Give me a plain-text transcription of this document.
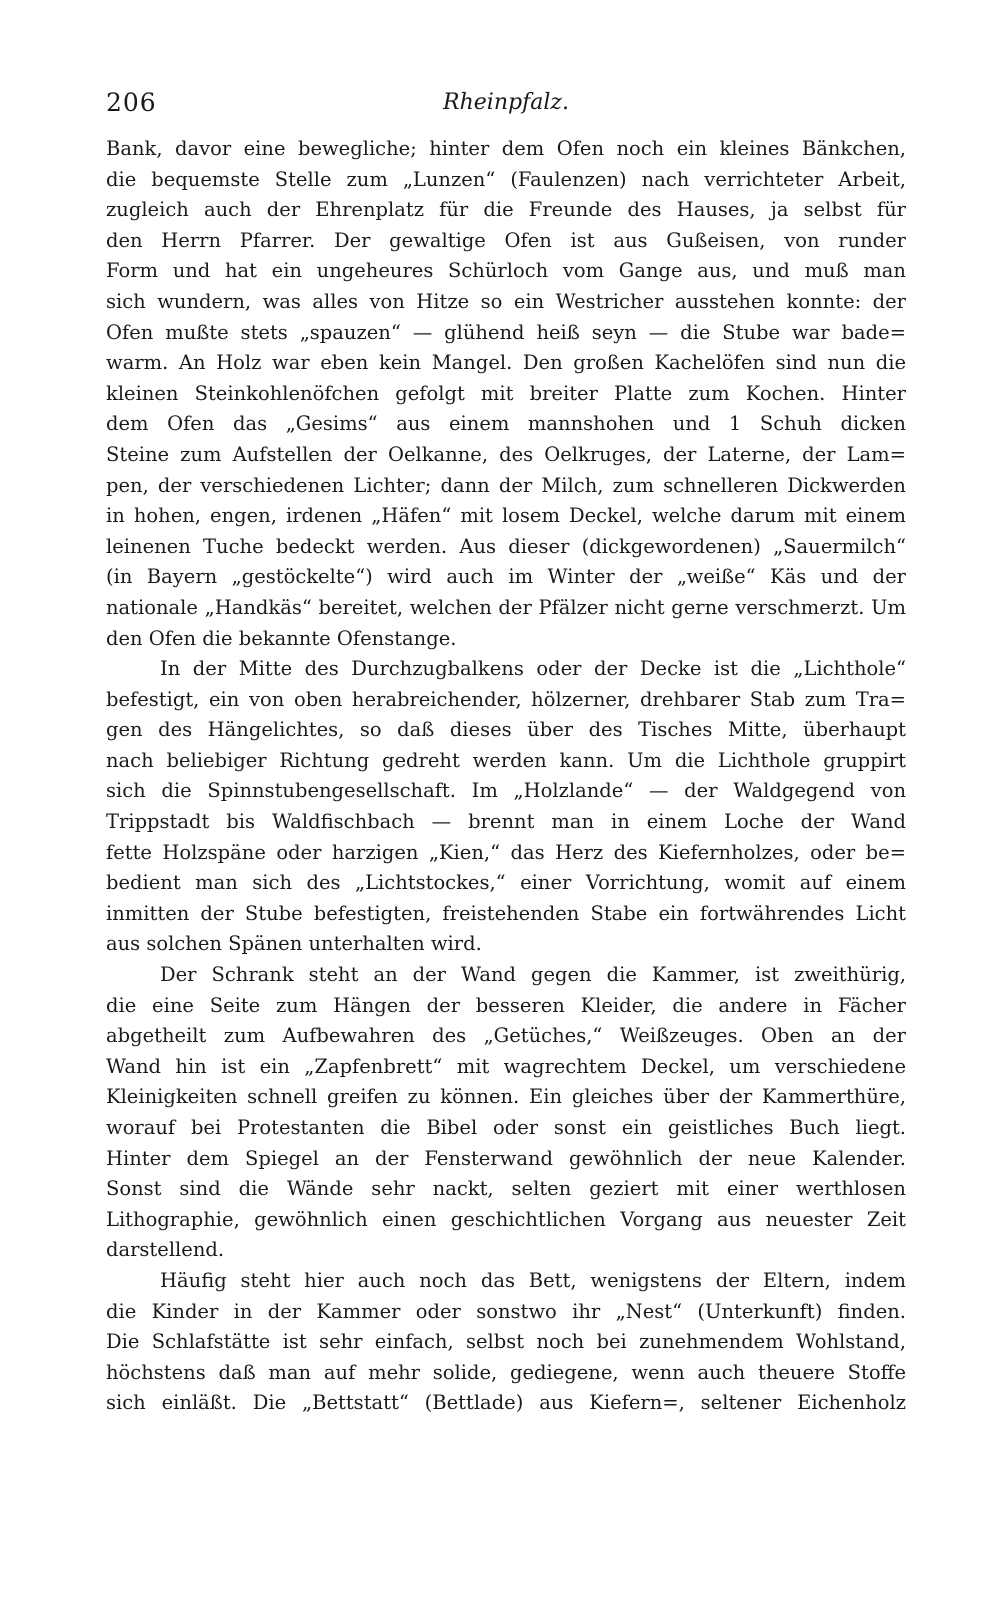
206	Rheinpfalz.
Bank, davor eine bewegliche; hinter dem Ofen noch ein kleines Bänkchen,
die bequemste Stelle zum „Lunzen“ (Faulenzen) nach verrichteter Arbeit,
zugleich auch der Ehrenplatz für die Freunde des Hauses, ja selbst für
den Herrn Pfarrer. Der gewaltige Ofen ist aus Gußeisen, von runder
Form und hat ein ungeheures Schürloch vom Gange aus, und muß man
sich wundern, was alles von Hitze so ein Westricher ausstehen konnte: der
Ofen mußte stets „spauzen“ — glühend heiß seyn — die Stube war bade=
warm. An Holz war eben kein Mangel. Den großen Kachelöfen sind nun die
kleinen Steinkohlenöfchen gefolgt mit breiter Platte zum Kochen. Hinter
dem Ofen das „Gesims“ aus einem mannshohen und 1 Schuh dicken
Steine zum Aufstellen der Oelkanne, des Oelkruges, der Laterne, der Lam=
pen, der verschiedenen Lichter; dann der Milch, zum schnelleren Dickwerden
in hohen, engen, irdenen „Häfen“ mit losem Deckel, welche darum mit einem
leinenen Tuche bedeckt werden. Aus dieser (dickgewordenen) „Sauermilch“
(in Bayern „gestöckelte“) wird auch im Winter der „weiße“ Käs und der
nationale „Handkäs“ bereitet, welchen der Pfälzer nicht gerne verschmerzt. Um
den Ofen die bekannte Ofenstange.
In der Mitte des Durchzugbalkens oder der Decke ist die „Lichthole“
befestigt, ein von oben herabreichender, hölzerner, drehbarer Stab zum Tra=
gen des Hängelichtes, so daß dieses über des Tisches Mitte, überhaupt
nach beliebiger Richtung gedreht werden kann. Um die Lichthole gruppirt
sich die Spinnstubengesellschaft. Im „Holzlande“ — der Waldgegend von
Trippstadt bis Waldfischbach — brennt man in einem Loche der Wand
fette Holzspäne oder harzigen „Kien,“ das Herz des Kiefernholzes, oder be=
bedient man sich des „Lichtstockes,“ einer Vorrichtung, womit auf einem
inmitten der Stube befestigten, freistehenden Stabe ein fortwährendes Licht
aus solchen Spänen unterhalten wird.
Der Schrank steht an der Wand gegen die Kammer, ist zweithürig,
die eine Seite zum Hängen der besseren Kleider, die andere in Fächer
abgetheilt zum Aufbewahren des „Getüches,“ Weißzeuges. Oben an der
Wand hin ist ein „Zapfenbrett“ mit wagrechtem Deckel, um verschiedene
Kleinigkeiten schnell greifen zu können. Ein gleiches über der Kammerthüre,
worauf bei Protestanten die Bibel oder sonst ein geistliches Buch liegt.
Hinter dem Spiegel an der Fensterwand gewöhnlich der neue Kalender.
Sonst sind die Wände sehr nackt, selten geziert mit einer werthlosen
Lithographie, gewöhnlich einen geschichtlichen Vorgang aus neuester Zeit
darstellend.
Häufig steht hier auch noch das Bett, wenigstens der Eltern, indem
die Kinder in der Kammer oder sonstwo ihr „Nest“ (Unterkunft) finden.
Die Schlafstätte ist sehr einfach, selbst noch bei zunehmendem Wohlstand,
höchstens daß man auf mehr solide, gediegene, wenn auch theuere Stoffe
sich einläßt. Die „Bettstatt“ (Bettlade) aus Kiefern=, seltener Eichenholz
